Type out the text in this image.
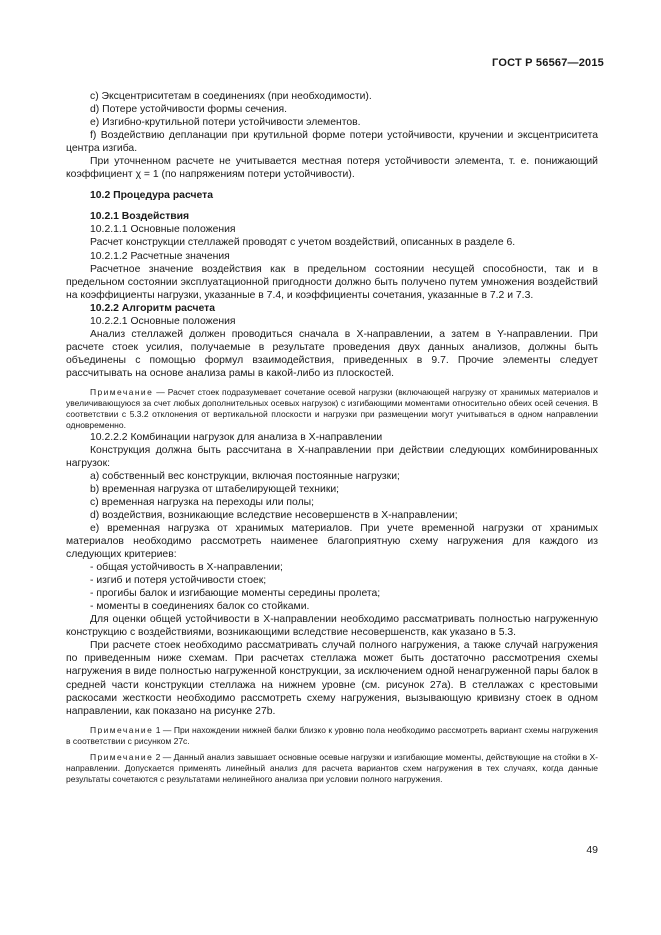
ГОСТ Р 56567—2015

c) Эксцентриситетам в соединениях (при необходимости).

d) Потере устойчивости формы сечения.

e) Изгибно-крутильной потери устойчивости элементов.

f) Воздействию депланации при крутильной форме потери устойчивости, кручении и эксцентриситета центра изгиба.

При уточненном расчете не учитывается местная потеря устойчивости элемента, т. е. понижающий коэффициент χ = 1 (по напряжениям потери устойчивости).

10.2 Процедура расчета

10.2.1 Воздействия

10.2.1.1 Основные положения

Расчет конструкции стеллажей проводят с учетом воздействий, описанных в разделе 6.

10.2.1.2 Расчетные значения

Расчетное значение воздействия как в предельном состоянии несущей способности, так и в предельном состоянии эксплуатационной пригодности должно быть получено путем умножения воздействий на коэффициенты нагрузки, указанные в 7.4, и коэффициенты сочетания, указанные в 7.2 и 7.3.

10.2.2 Алгоритм расчета

10.2.2.1 Основные положения

Анализ стеллажей должен проводиться сначала в X-направлении, а затем в Y-направлении. При расчете стоек усилия, получаемые в результате проведения двух данных анализов, должны быть объединены с помощью формул взаимодействия, приведенных в 9.7. Прочие элементы следует рассчитывать на основе анализа рамы в какой-либо из плоскостей.

Примечание — Расчет стоек подразумевает сочетание осевой нагрузки (включающей нагрузку от хранимых материалов и увеличивающуюся за счет любых дополнительных осевых нагрузок) с изгибающими моментами относительно обеих осей сечения. В соответствии с 5.3.2 отклонения от вертикальной плоскости и нагрузки при размещении могут учитываться в одном направлении одновременно.

10.2.2.2 Комбинации нагрузок для анализа в X-направлении

Конструкция должна быть рассчитана в X-направлении при действии следующих комбинированных нагрузок:

a) собственный вес конструкции, включая постоянные нагрузки;

b) временная нагрузка от штабелирующей техники;

c) временная нагрузка на переходы или полы;

d) воздействия, возникающие вследствие несовершенств в X-направлении;

e) временная нагрузка от хранимых материалов. При учете временной нагрузки от хранимых материалов необходимо рассмотреть наименее благоприятную схему нагружения для каждого из следующих критериев:

- общая устойчивость в X-направлении;

- изгиб и потеря устойчивости стоек;

- прогибы балок и изгибающие моменты середины пролета;

- моменты в соединениях балок со стойками.

Для оценки общей устойчивости в X-направлении необходимо рассматривать полностью нагруженную конструкцию с воздействиями, возникающими вследствие несовершенств, как указано в 5.3.

При расчете стоек необходимо рассматривать случай полного нагружения, а также случай нагружения по приведенным ниже схемам. При расчетах стеллажа может быть достаточно рассмотрения схемы нагружения в виде полностью нагруженной конструкции, за исключением одной ненагруженной пары балок в средней части конструкции стеллажа на нижнем уровне (см. рисунок 27а). В стеллажах с крестовыми раскосами жесткости необходимо рассмотреть схему нагружения, вызывающую кривизну стоек в одном направлении, как показано на рисунке 27b.

Примечание 1 — При нахождении нижней балки близко к уровню пола необходимо рассмотреть вариант схемы нагружения в соответствии с рисунком 27с.

Примечание 2 — Данный анализ завышает основные осевые нагрузки и изгибающие моменты, действующие на стойки в X-направлении. Допускается применять линейный анализ для расчета вариантов схем нагружения в тех случаях, когда данные результаты сочетаются с результатами нелинейного анализа при условии полного нагружения.

49
